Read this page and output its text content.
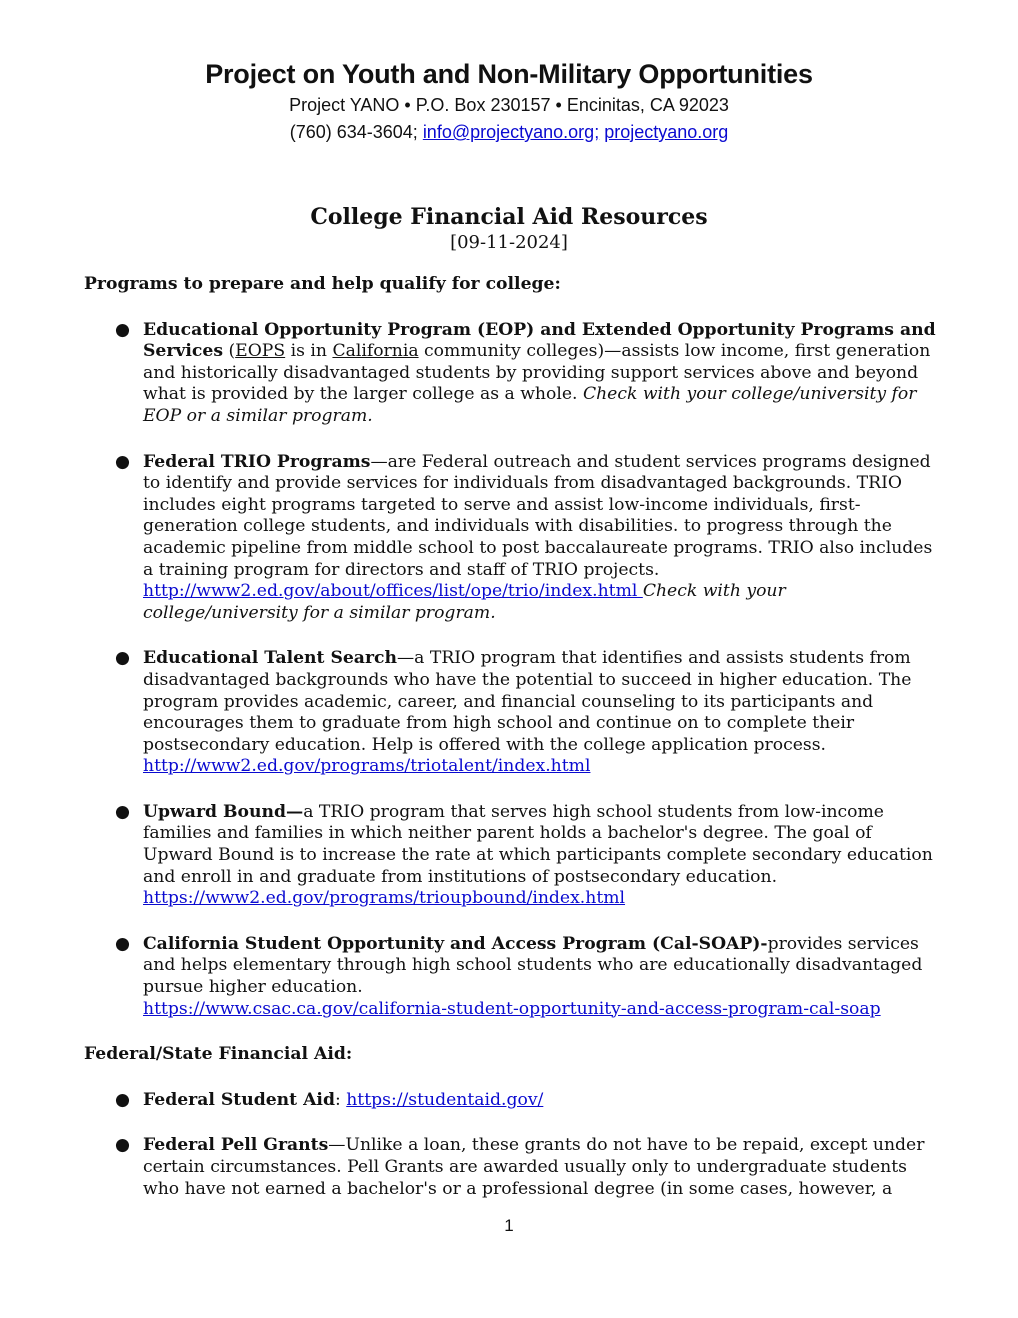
Project on Youth and Non-Military Opportunities
Project YANO • P.O. Box 230157 • Encinitas, CA 92023
(760) 634-3604; info@projectyano.org; projectyano.org
College Financial Aid Resources
[09-11-2024]

Programs to prepare and help qualify for college:

● Educational Opportunity Program (EOP) and Extended Opportunity Programs and Services (EOPS is in California community colleges)—assists low income, first generation and historically disadvantaged students by providing support services above and beyond what is provided by the larger college as a whole. Check with your college/university for EOP or a similar program.
● Federal TRIO Programs—are Federal outreach and student services programs designed to identify and provide services for individuals from disadvantaged backgrounds. TRIO includes eight programs targeted to serve and assist low-income individuals, first-generation college students, and individuals with disabilities. to progress through the academic pipeline from middle school to post baccalaureate programs. TRIO also includes a training program for directors and staff of TRIO projects.
http://www2.ed.gov/about/offices/list/ope/trio/index.html Check with your college/university for a similar program.
● Educational Talent Search—a TRIO program that identifies and assists students from disadvantaged backgrounds who have the potential to succeed in higher education. The program provides academic, career, and financial counseling to its participants and encourages them to graduate from high school and continue on to complete their postsecondary education. Help is offered with the college application process.
http://www2.ed.gov/programs/triotalent/index.html
● Upward Bound—a TRIO program that serves high school students from low-income families and families in which neither parent holds a bachelor's degree. The goal of Upward Bound is to increase the rate at which participants complete secondary education and enroll in and graduate from institutions of postsecondary education.
https://www2.ed.gov/programs/trioupbound/index.html
● California Student Opportunity and Access Program (Cal-SOAP)-provides services and helps elementary through high school students who are educationally disadvantaged pursue higher education.
https://www.csac.ca.gov/california-student-opportunity-and-access-program-cal-soap

Federal/State Financial Aid:

● Federal Student Aid: https://studentaid.gov/
● Federal Pell Grants—Unlike a loan, these grants do not have to be repaid, except under certain circumstances. Pell Grants are awarded usually only to undergraduate students who have not earned a bachelor's or a professional degree (in some cases, however, a
1
